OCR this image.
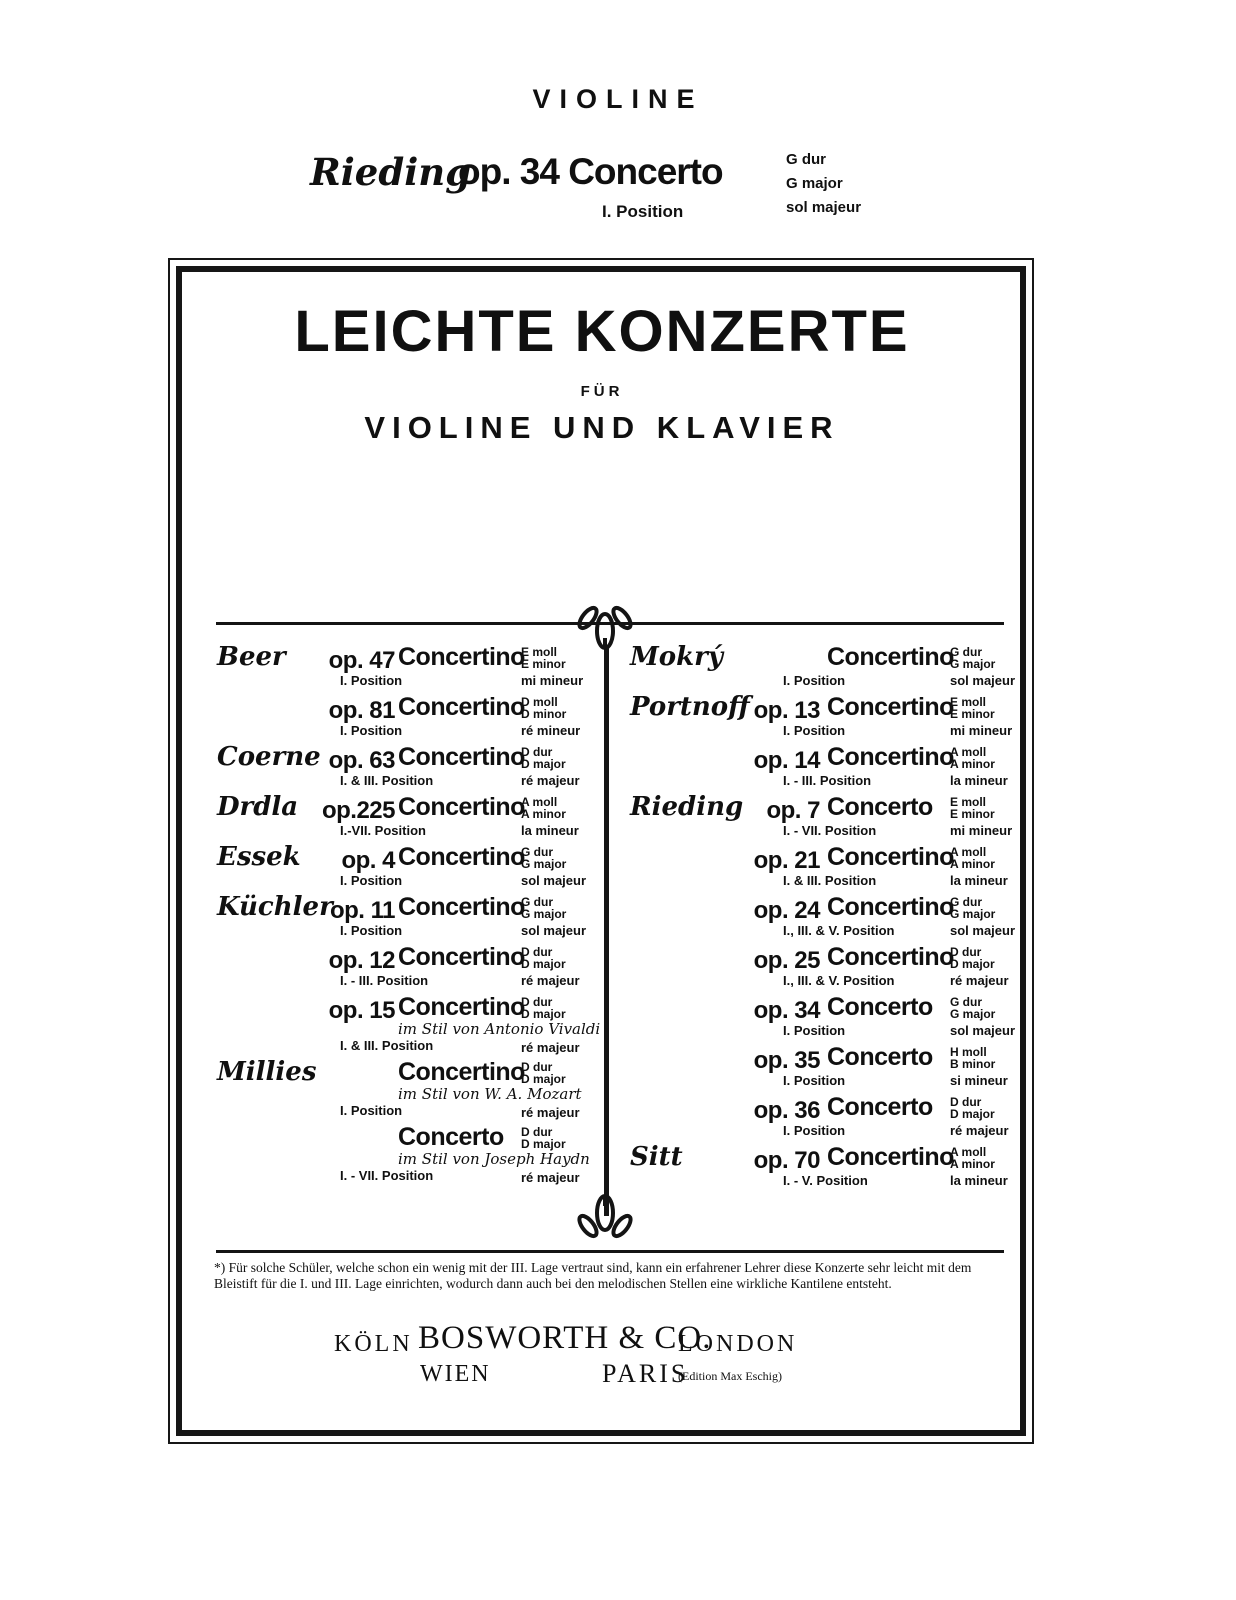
VIOLINE
Rieding
op. 34 Concerto
I. Position
G dur
G major
sol majeur
LEICHTE KONZERTE
FÜR
VIOLINE UND KLAVIER
Beer	op. 47 Concertino
E moll
E minor
I. Position	mi mineur
op. 81 Concertino
D moll
D minor
I. Position	ré mineur
Coerne op. 63 Concertino
D dur
D major
I. & III. Position	ré majeur
Drdla op.225 Concertino
A moll
A minor
I.-VII. Position	la mineur
Essek	op. 4 Concertino
G dur
G major
I. Position	sol majeur
Küchler
op. 11 Concertino
G dur
G major
I. Position	sol majeur
op. 12 Concertino
D dur
D major
I. - III. Position	ré majeur
op. 15 Concertino
D dur
D major
im Stil von Antonio Vivaldi
I. & III. Position	ré majeur
Millies	Concertino
D dur
D major
im Stil von W. A. Mozart
I. Position	ré majeur
Concerto	D dur
D major
im Stil von Joseph Haydn
I. - VII. Position	ré majeur
Mokrý	Concertino
G dur
G major
I. Position	sol majeur
Portnoff op. 13 Concertino
E moll
E minor
I. Position	mi mineur
op. 14 Concertino
A moll
A minor
I. - III. Position	la mineur
Rieding op. 7 Concerto	E moll
E minor
I. - VII. Position	mi mineur
op. 21 Concertino
A moll
A minor
I. & III. Position	la mineur
op. 24 Concertino
G dur
G major
I., III. & V. Position	sol majeur
op. 25 Concertino
D dur
D major
I., III. & V. Position	ré majeur
op. 34 Concerto	G dur
G major
I. Position	sol majeur
op. 35 Concerto	H moll
B minor
I. Position	si mineur
op. 36 Concerto	D dur
D major
I. Position	ré majeur
Sitt	op. 70 Concertino
A moll
A minor
I. - V. Position	la mineur
*) Für solche Schüler, welche schon ein wenig mit der III. Lage vertraut sind, kann ein erfahrener Lehrer diese Konzerte sehr leicht mit dem Bleistift für die I. und III. Lage einrichten, wodurch dann auch bei den melodischen Stellen eine wirkliche Kantilene entsteht.
KÖLN BOSWORTH & CO.
LONDON
WIEN	PARIS
(Edition Max Eschig)
